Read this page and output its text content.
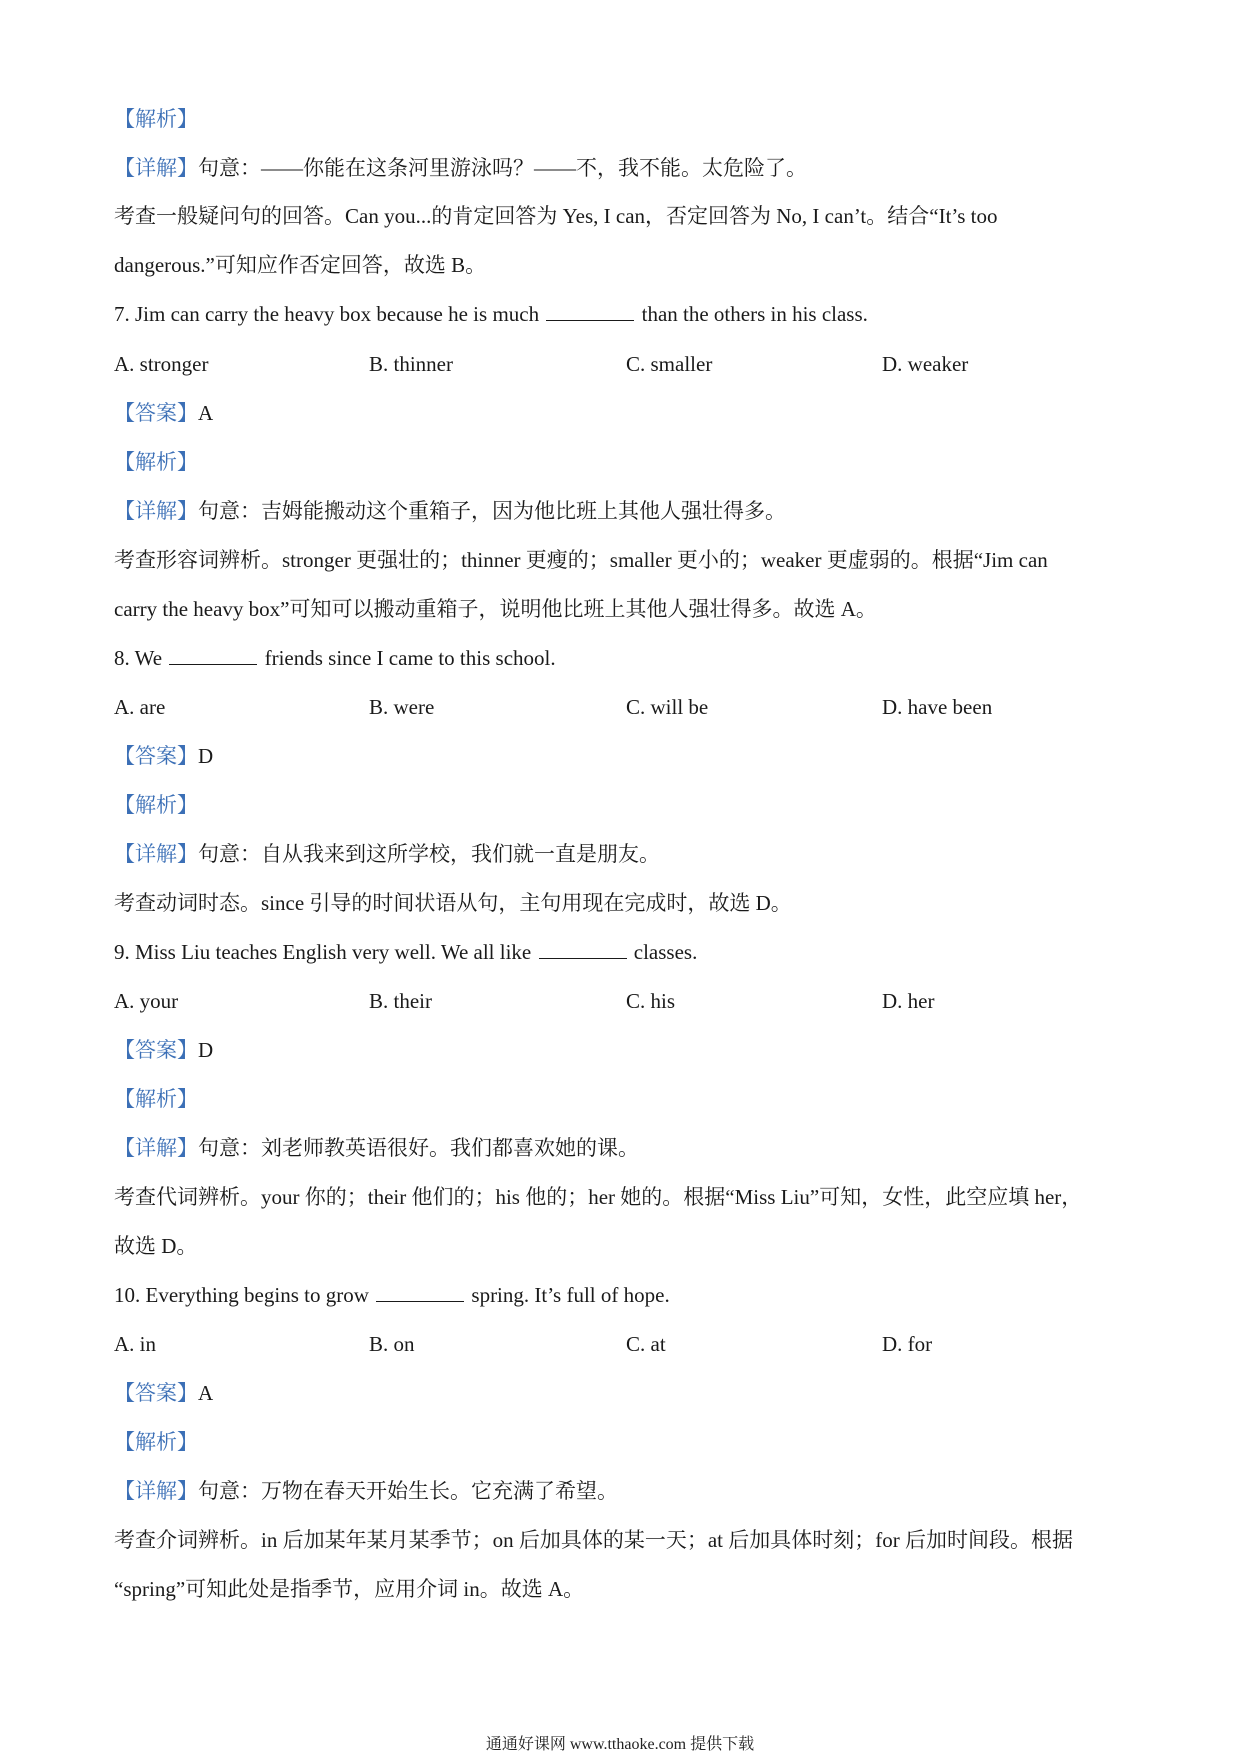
【解析】
【详解】句意：——你能在这条河里游泳吗？——不，我不能。太危险了。
考查一般疑问句的回答。Can you...的肯定回答为 Yes, I can，否定回答为 No, I can’t。结合“It’s too
dangerous.”可知应作否定回答，故选 B。
7. Jim can carry the heavy box because he is much	than the others in his class.
A. stronger	B. thinner	C. smaller	D. weaker
【答案】A
【解析】
【详解】句意：吉姆能搬动这个重箱子，因为他比班上其他人强壮得多。
考查形容词辨析。stronger 更强壮的；thinner 更瘦的；smaller 更小的；weaker 更虚弱的。根据“Jim can
carry the heavy box”可知可以搬动重箱子，说明他比班上其他人强壮得多。故选 A。
8. We	friends since I came to this school.
A. are	B. were	C. will be	D. have been
【答案】D
【解析】
【详解】句意：自从我来到这所学校，我们就一直是朋友。
考查动词时态。since 引导的时间状语从句，主句用现在完成时，故选 D。
9. Miss Liu teaches English very well. We all like	classes.
A. your	B. their	C. his	D. her
【答案】D
【解析】
【详解】句意：刘老师教英语很好。我们都喜欢她的课。
考查代词辨析。your 你的；their 他们的；his 他的；her 她的。根据“Miss Liu”可知，女性，此空应填 her，
故选 D。
10. Everything begins to grow	spring. It’s full of hope.
A. in	B. on	C. at	D. for
【答案】A
【解析】
【详解】句意：万物在春天开始生长。它充满了希望。
考查介词辨析。in 后加某年某月某季节；on 后加具体的某一天；at 后加具体时刻；for 后加时间段。根据
“spring”可知此处是指季节，应用介词 in。故选 A。
通通好课网 www.tthaoke.com 提供下载
